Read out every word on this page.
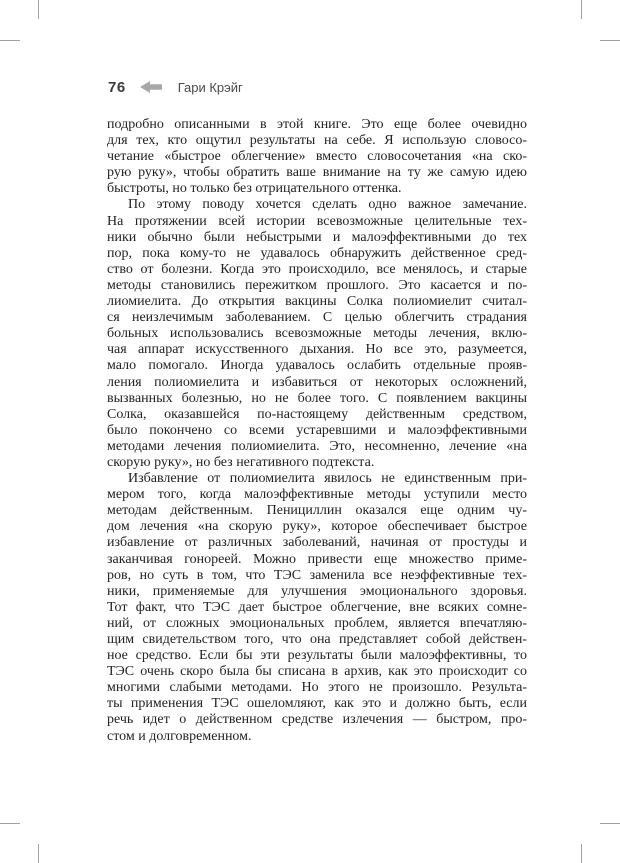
76	Гари Крэйг
подробно описанными в этой книге. Это еще более очевидно
для тех, кто ощутил результаты на себе. Я использую словосо-
четание «быстрое облегчение» вместо словосочетания «на ско-
рую руку», чтобы обратить ваше внимание на ту же самую идею
быстроты, но только без отрицательного оттенка.
По этому поводу хочется сделать одно важное замечание.
На протяжении всей истории всевозможные целительные тех-
ники обычно были небыстрыми и малоэффективными до тех
пор, пока кому-то не удавалось обнаружить действенное сред-
ство от болезни. Когда это происходило, все менялось, и старые
методы становились пережитком прошлого. Это касается и по-
лиомиелита. До открытия вакцины Солка полиомиелит считал-
ся неизлечимым заболеванием. С целью облегчить страдания
больных использовались всевозможные методы лечения, вклю-
чая аппарат искусственного дыхания. Но все это, разумеется,
мало помогало. Иногда удавалось ослабить отдельные прояв-
ления полиомиелита и избавиться от некоторых осложнений,
вызванных болезнью, но не более того. С появлением вакцины
Солка, оказавшейся по-настоящему действенным средством,
было покончено со всеми устаревшими и малоэффективными
методами лечения полиомиелита. Это, несомненно, лечение «на
скорую руку», но без негативного подтекста.
Избавление от полиомиелита явилось не единственным при-
мером того, когда малоэффективные методы уступили место
методам действенным. Пенициллин оказался еще одним чу-
дом лечения «на скорую руку», которое обеспечивает быстрое
избавление от различных заболеваний, начиная от простуды и
заканчивая гонореей. Можно привести еще множество приме-
ров, но суть в том, что ТЭС заменила все неэффективные тех-
ники, применяемые для улучшения эмоционального здоровья.
Тот факт, что ТЭС дает быстрое облегчение, вне всяких сомне-
ний, от сложных эмоциональных проблем, является впечатляю-
щим свидетельством того, что она представляет собой действен-
ное средство. Если бы эти результаты были малоэффективны, то
ТЭС очень скоро была бы списана в архив, как это происходит со
многими слабыми методами. Но этого не произошло. Результа-
ты применения ТЭС ошеломляют, как это и должно быть, если
речь идет о действенном средстве излечения — быстром, про-
стом и долговременном.
